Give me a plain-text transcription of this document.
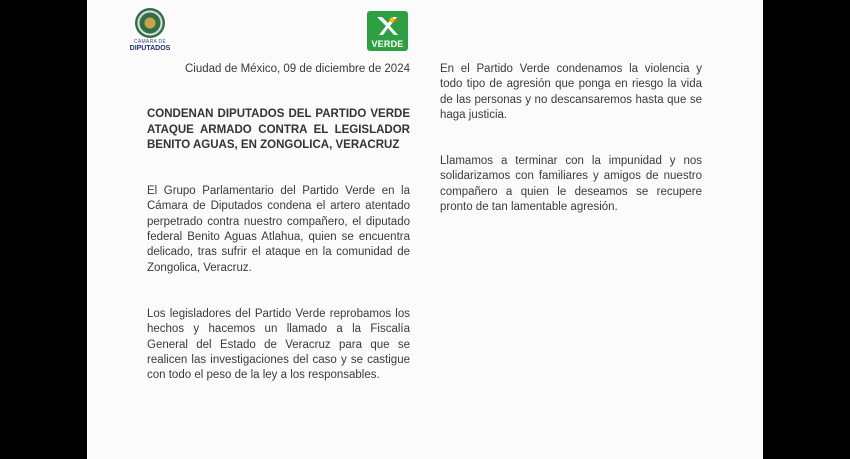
CÁMARA DE
DIPUTADOS	VERDE
Ciudad de México, 09 de diciembre de 2024
CONDENAN DIPUTADOS DEL PARTIDO VERDE ATAQUE ARMADO CONTRA EL LEGISLADOR BENITO AGUAS, EN ZONGOLICA, VERACRUZ
El Grupo Parlamentario del Partido Verde en la Cámara de Diputados condena el artero atentado perpetrado contra nuestro compañero, el diputado federal Benito Aguas Atlahua, quien se encuentra delicado, tras sufrir el ataque en la comunidad de Zongolica, Veracruz.
Los legisladores del Partido Verde reprobamos los hechos y hacemos un llamado a la Fiscalía General del Estado de Veracruz para que se realicen las investigaciones del caso y se castigue con todo el peso de la ley a los responsables.
En el Partido Verde condenamos la violencia y todo tipo de agresión que ponga en riesgo la vida de las personas y no descansaremos hasta que se haga justicia.
Llamamos a terminar con la impunidad y nos solidarizamos con familiares y amigos de nuestro compañero a quien le deseamos se recupere pronto de tan lamentable agresión.
